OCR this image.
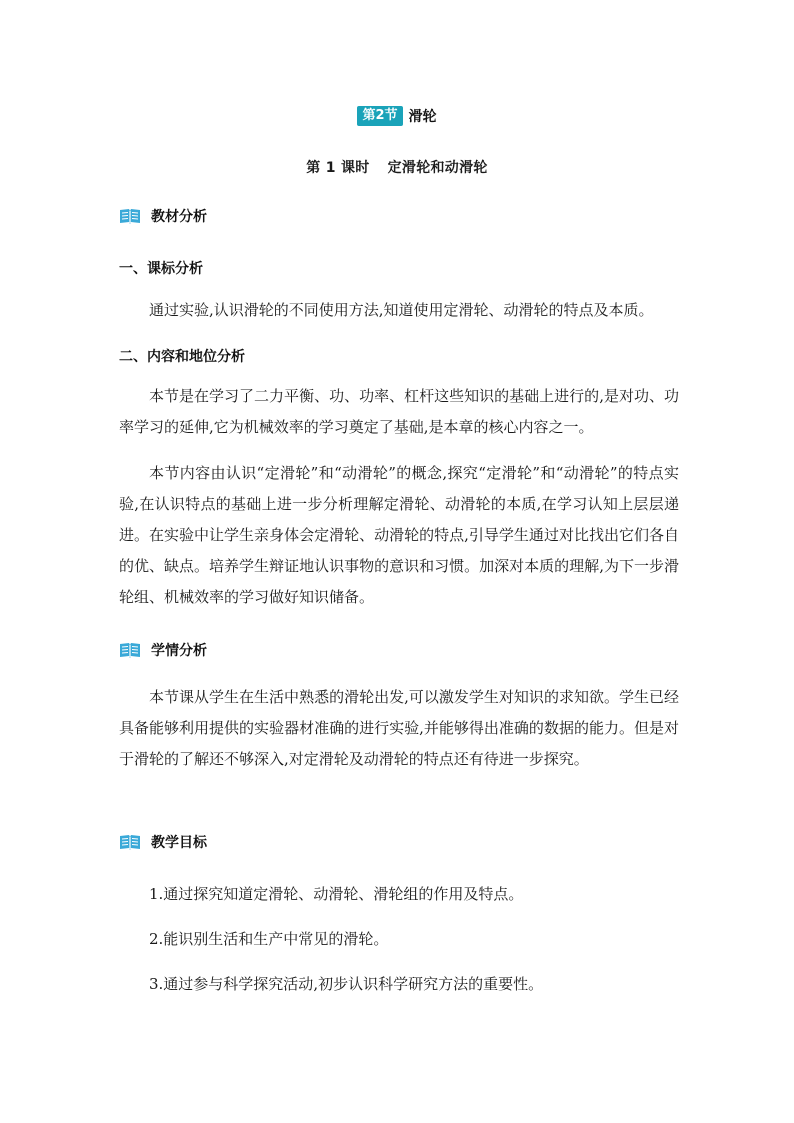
第2节 滑轮
第 1 课时 定滑轮和动滑轮
教材分析
一、课标分析
通过实验,认识滑轮的不同使用方法,知道使用定滑轮、动滑轮的特点及本质。
二、内容和地位分析
本节是在学习了二力平衡、功、功率、杠杆这些知识的基础上进行的,是对功、功率学习的延伸,它为机械效率的学习奠定了基础,是本章的核心内容之一。
本节内容由认识“定滑轮”和“动滑轮”的概念,探究“定滑轮”和“动滑轮”的特点实验,在认识特点的基础上进一步分析理解定滑轮、动滑轮的本质,在学习认知上层层递进。在实验中让学生亲身体会定滑轮、动滑轮的特点,引导学生通过对比找出它们各自的优、缺点。培养学生辩证地认识事物的意识和习惯。加深对本质的理解,为下一步滑轮组、机械效率的学习做好知识储备。
学情分析
本节课从学生在生活中熟悉的滑轮出发,可以激发学生对知识的求知欲。学生已经具备能够利用提供的实验器材准确的进行实验,并能够得出准确的数据的能力。但是对于滑轮的了解还不够深入,对定滑轮及动滑轮的特点还有待进一步探究。
教学目标
1.通过探究知道定滑轮、动滑轮、滑轮组的作用及特点。
2.能识别生活和生产中常见的滑轮。
3.通过参与科学探究活动,初步认识科学研究方法的重要性。
